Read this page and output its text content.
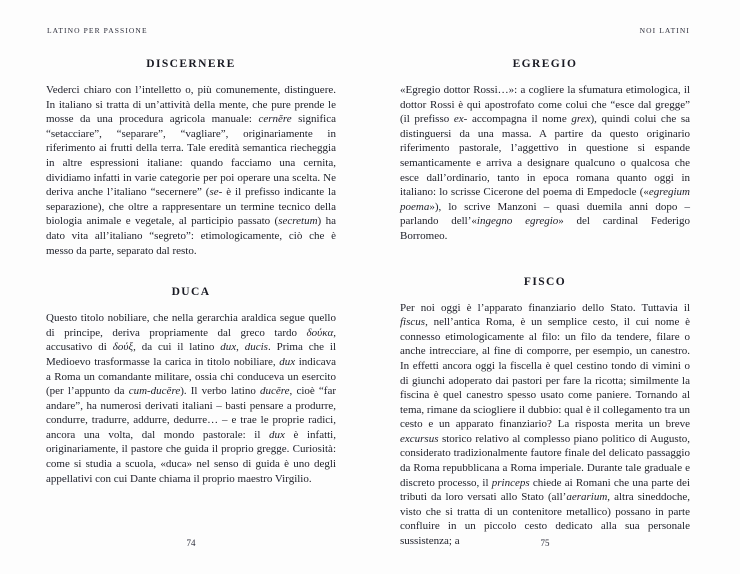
LATINO PER PASSIONE
DISCERNERE

Vederci chiaro con l’intelletto o, più comunemente, distinguere. In italiano si tratta di un’attività della mente, che pure prende le mosse da una procedura agricola manuale: cernĕre significa “setacciare”, “separare”, “vagliare”, originariamente in riferimento ai frutti della terra. Tale eredità semantica riecheggia in altre espressioni italiane: quando facciamo una cernita, dividiamo infatti in varie categorie per poi operare una scelta. Ne deriva anche l’italiano “secernere” (se- è il prefisso indicante la separazione), che oltre a rappresentare un termine tecnico della biologia animale e vegetale, al participio passato (secretum) ha dato vita all’italiano “segreto”: etimologicamente, ciò che è messo da parte, separato dal resto.

DUCA

Questo titolo nobiliare, che nella gerarchia araldica segue quello di principe, deriva propriamente dal greco tardo δούκα, accusativo di δούξ, da cui il latino dux, ducis. Prima che il Medioevo trasformasse la carica in titolo nobiliare, dux indicava a Roma un comandante militare, ossia chi conduceva un esercito (per l’appunto da cum-ducĕre). Il verbo latino ducĕre, cioè “far andare”, ha numerosi derivati italiani – basti pensare a produrre, condurre, tradurre, addurre, dedurre… – e trae le proprie radici, ancora una volta, dal mondo pastorale: il dux è infatti, originariamente, il pastore che guida il proprio gregge. Curiosità: come si studia a scuola, «duca» nel senso di guida è uno degli appellativi con cui Dante chiama il proprio maestro Virgilio.

74
NOI LATINI
EGREGIO

«Egregio dottor Rossi…»: a cogliere la sfumatura etimologica, il dottor Rossi è qui apostrofato come colui che “esce dal gregge” (il prefisso ex- accompagna il nome grex), quindi colui che sa distinguersi da una massa. A partire da questo originario riferimento pastorale, l’aggettivo in questione si espande semanticamente e arriva a designare qualcuno o qualcosa che esce dall’ordinario, tanto in epoca romana quanto oggi in italiano: lo scrisse Cicerone del poema di Empedocle («egregium poema»), lo scrive Manzoni – quasi duemila anni dopo – parlando dell’«ingegno egregio» del cardinal Federigo Borromeo.

FISCO

Per noi oggi è l’apparato finanziario dello Stato. Tuttavia il fiscus, nell’antica Roma, è un semplice cesto, il cui nome è connesso etimologicamente al filo: un filo da tendere, filare o anche intrecciare, al fine di comporre, per esempio, un canestro. In effetti ancora oggi la fiscella è quel cestino tondo di vimini o di giunchi adoperato dai pastori per fare la ricotta; similmente la fiscina è quel canestro spesso usato come paniere. Tornando al tema, rimane da sciogliere il dubbio: qual è il collegamento tra un cesto e un apparato finanziario? La risposta merita un breve excursus storico relativo al complesso piano politico di Augusto, considerato tradizionalmente fautore finale del delicato passaggio da Roma repubblicana a Roma imperiale. Durante tale graduale e discreto processo, il princeps chiede ai Romani che una parte dei tributi da loro versati allo Stato (all’aerarium, altra sineddoche, visto che si tratta di un contenitore metallico) possano in parte confluire in un piccolo cesto dedicato alla sua personale sussistenza; a	75
